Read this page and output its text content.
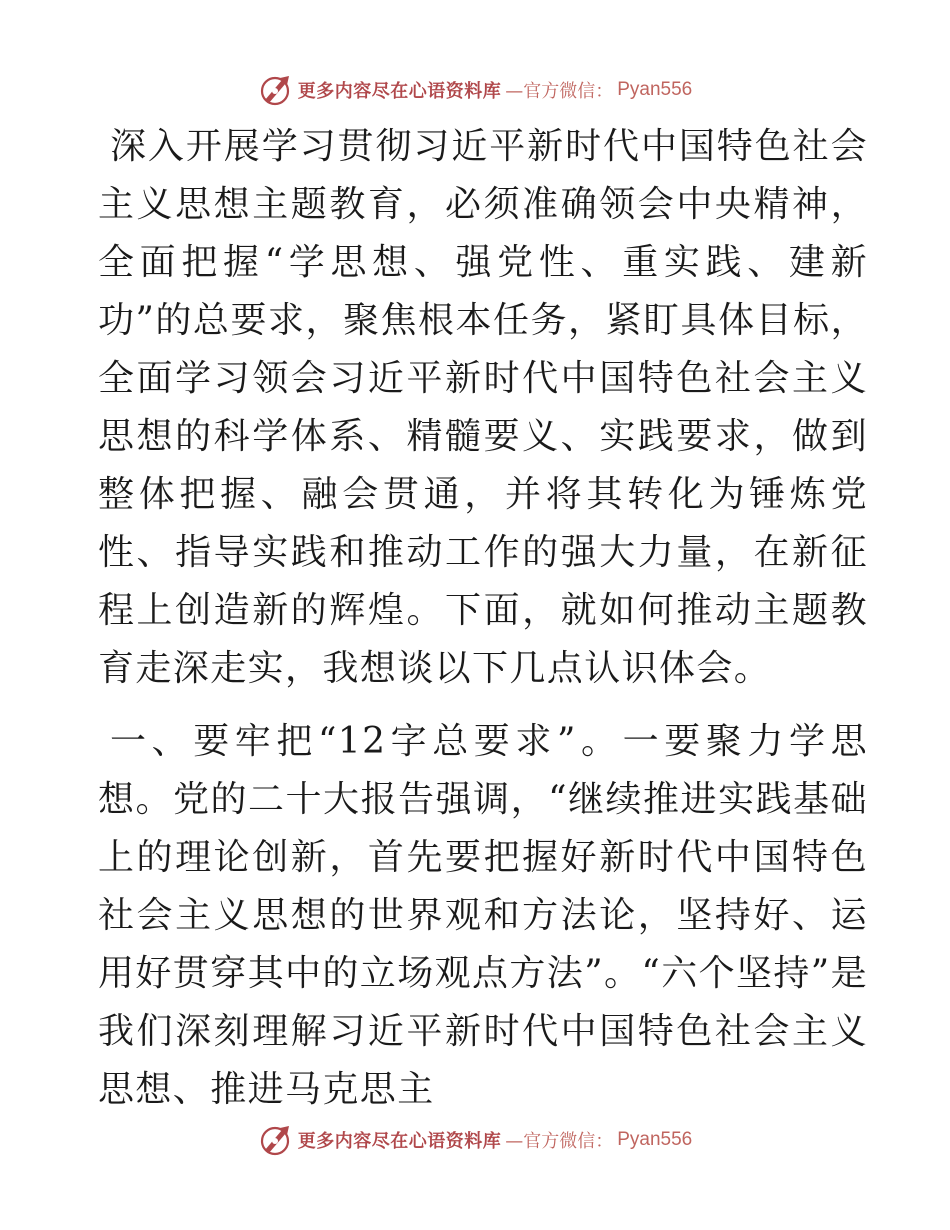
更多内容尽在心语资料库 —官方微信： Pyan556

深入开展学习贯彻习近平新时代中国特色社会主义思想主题教育，必须准确领会中央精神，全面把握“学思想、强党性、重实践、建新功”的总要求，聚焦根本任务，紧盯具体目标，全面学习领会习近平新时代中国特色社会主义思想的科学体系、精髓要义、实践要求，做到整体把握、融会贯通，并将其转化为锤炼党性、指导实践和推动工作的强大力量，在新征程上创造新的辉煌。下面，就如何推动主题教育走深走实，我想谈以下几点认识体会。

一、要牢把“12字总要求”。一要聚力学思想。党的二十大报告强调，“继续推进实践基础上的理论创新，首先要把握好新时代中国特色社会主义思想的世界观和方法论，坚持好、运用好贯穿其中的立场观点方法”。“六个坚持”是我们深刻理解习近平新时代中国特色社会主义思想、推进马克思主

更多内容尽在心语资料库 —官方微信： Pyan556
